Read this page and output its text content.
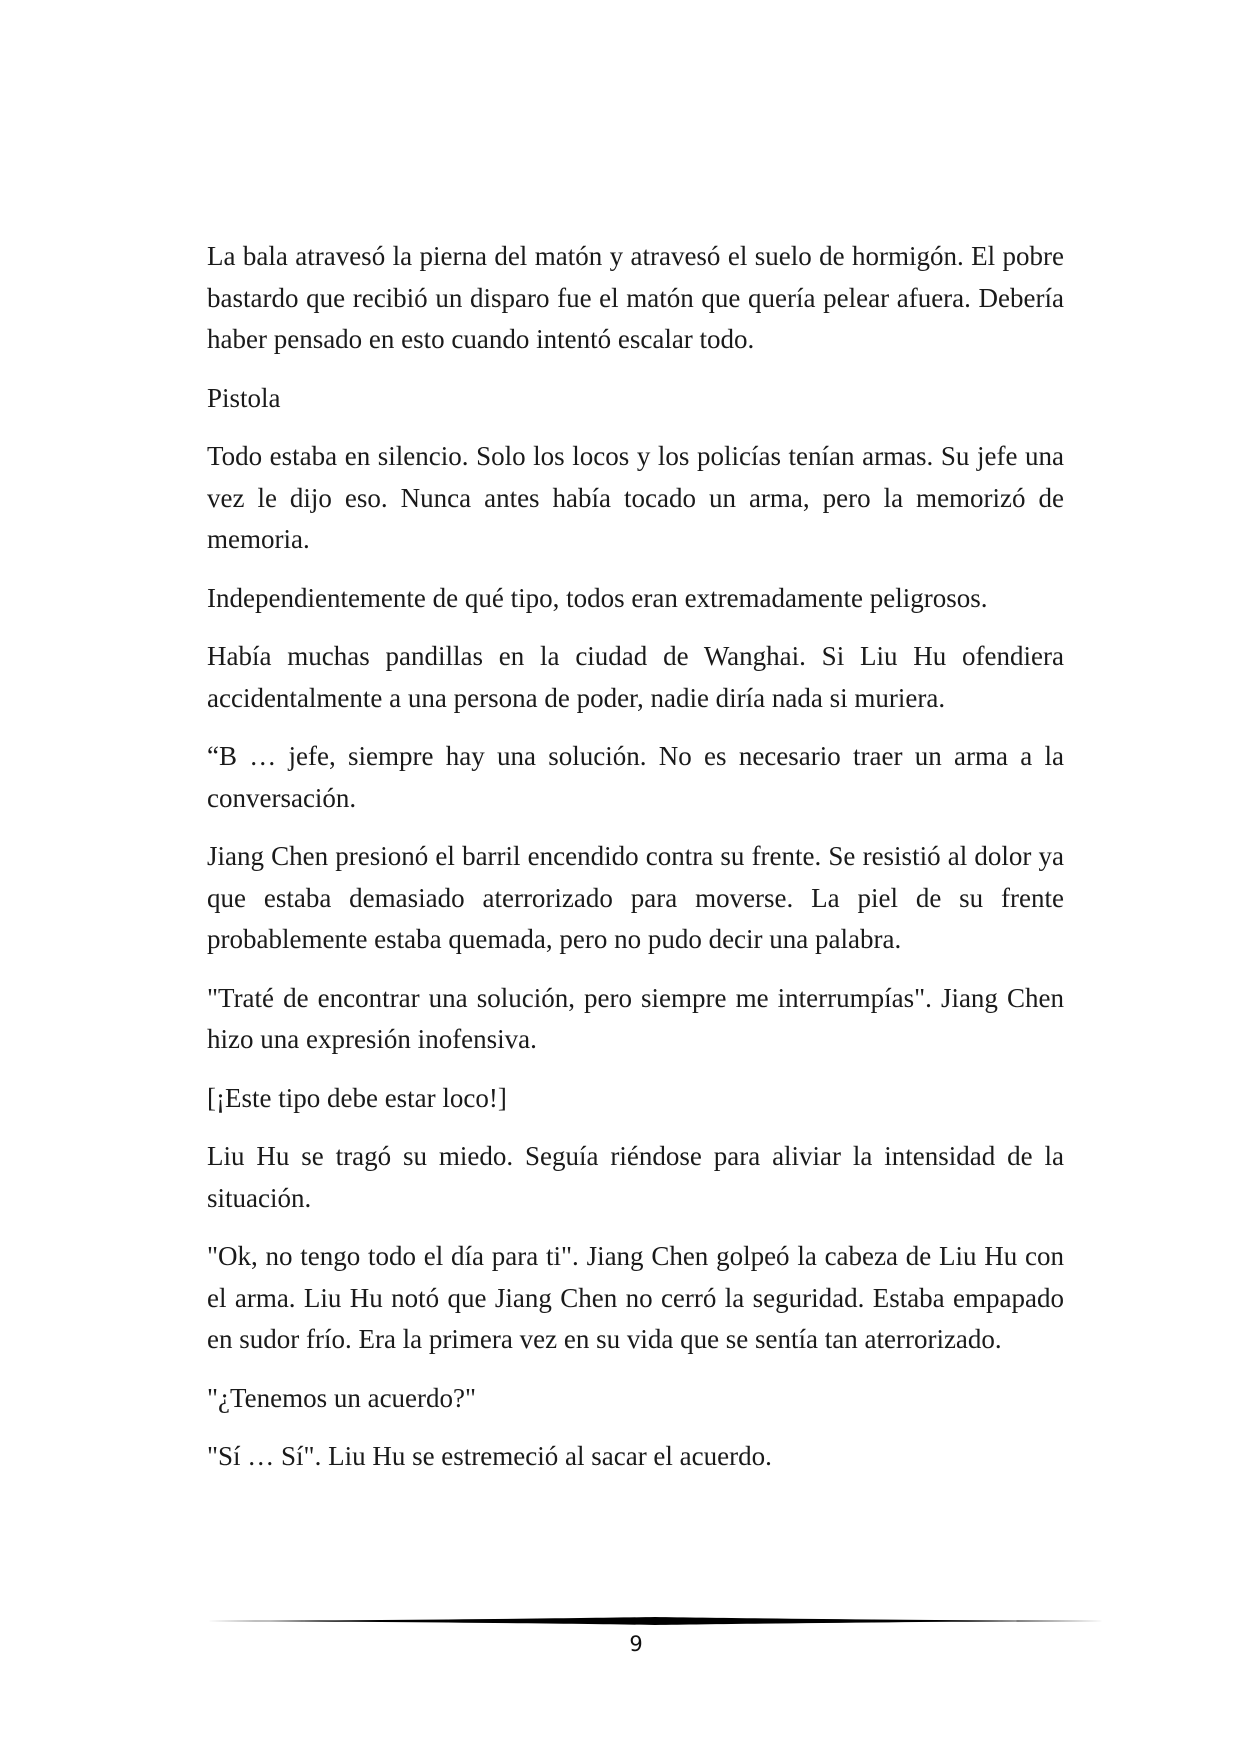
La bala atravesó la pierna del matón y atravesó el suelo de hormigón. El pobre bastardo que recibió un disparo fue el matón que quería pelear afuera. Debería haber pensado en esto cuando intentó escalar todo.

Pistola

Todo estaba en silencio. Solo los locos y los policías tenían armas. Su jefe una vez le dijo eso. Nunca antes había tocado un arma, pero la memorizó de memoria.

Independientemente de qué tipo, todos eran extremadamente peligrosos.

Había muchas pandillas en la ciudad de Wanghai. Si Liu Hu ofendiera accidentalmente a una persona de poder, nadie diría nada si muriera.

“B … jefe, siempre hay una solución. No es necesario traer un arma a la conversación.

Jiang Chen presionó el barril encendido contra su frente. Se resistió al dolor ya que estaba demasiado aterrorizado para moverse. La piel de su frente probablemente estaba quemada, pero no pudo decir una palabra.

"Traté de encontrar una solución, pero siempre me interrumpías". Jiang Chen hizo una expresión inofensiva.

[¡Este tipo debe estar loco!]

Liu Hu se tragó su miedo. Seguía riéndose para aliviar la intensidad de la situación.

"Ok, no tengo todo el día para ti". Jiang Chen golpeó la cabeza de Liu Hu con el arma. Liu Hu notó que Jiang Chen no cerró la seguridad. Estaba empapado en sudor frío. Era la primera vez en su vida que se sentía tan aterrorizado.

"¿Tenemos un acuerdo?"

"Sí … Sí". Liu Hu se estremeció al sacar el acuerdo.

9
